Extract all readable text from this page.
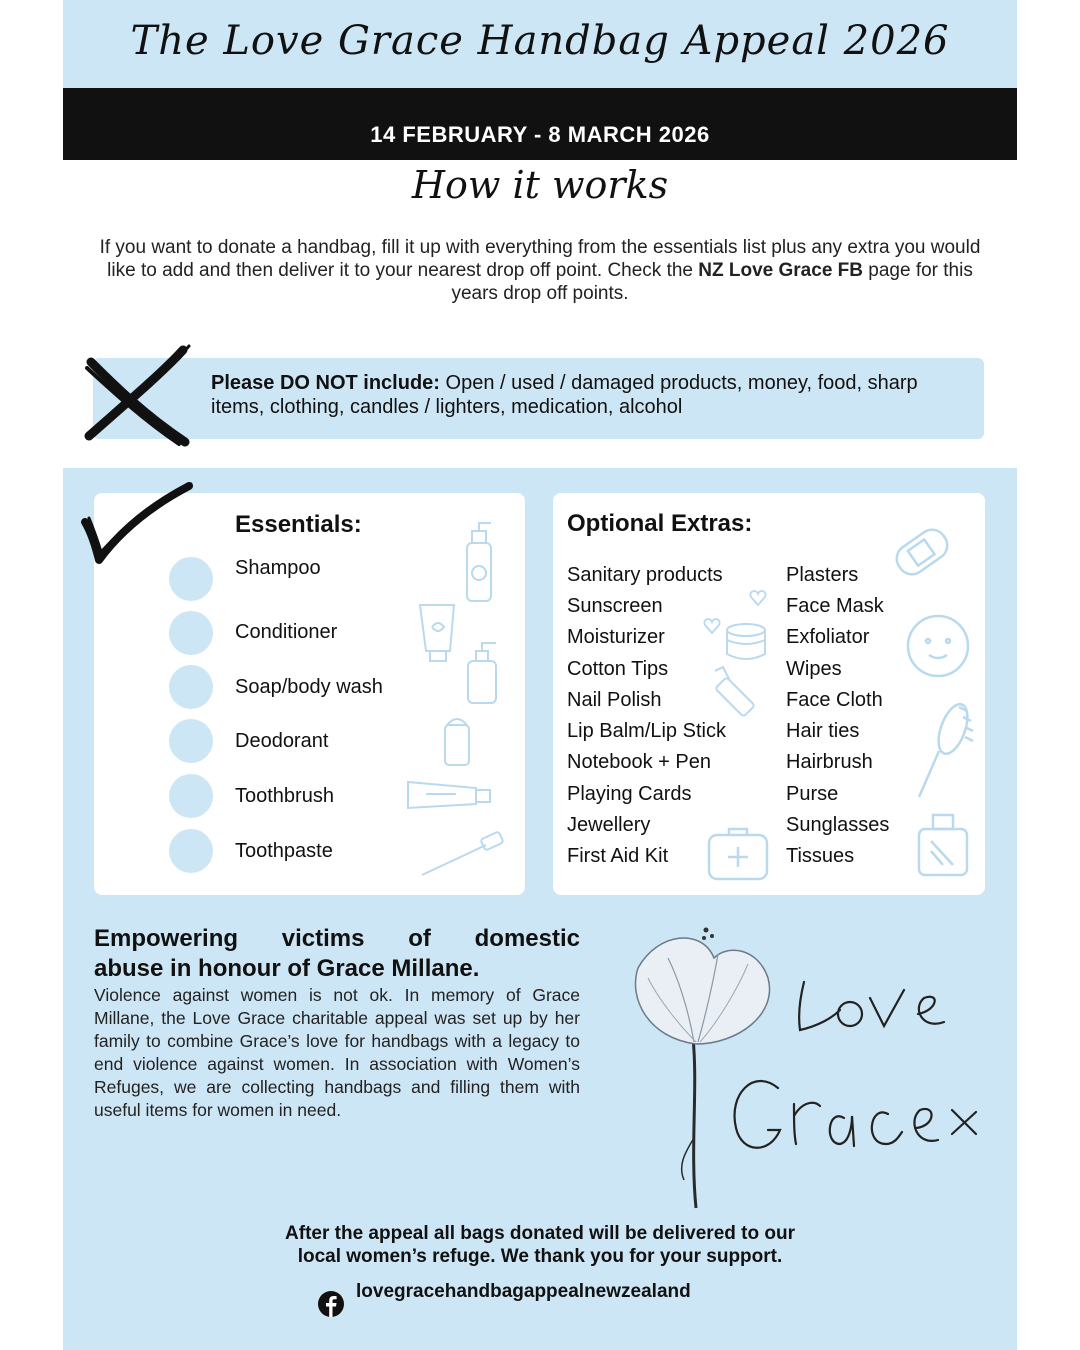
The Love Grace Handbag Appeal 2026
14 FEBRUARY - 8 MARCH 2026
How it works
If you want to donate a handbag, fill it up with everything from the essentials list plus any extra you would like to add and then deliver it to your nearest drop off point. Check the NZ Love Grace FB page for this years drop off points.
Please DO NOT include: Open / used / damaged products, money, food, sharp items, clothing, candles / lighters, medication, alcohol
Essentials:
Shampoo
Conditioner
Soap/body wash
Deodorant
Toothbrush
Toothpaste
Optional Extras:
Sanitary products
Sunscreen
Moisturizer
Cotton Tips
Nail Polish
Lip Balm/Lip Stick
Notebook + Pen
Playing Cards
Jewellery
First Aid Kit
Plasters
Face Mask
Exfoliator
Wipes
Face Cloth
Hair ties
Hairbrush
Purse
Sunglasses
Tissues
Empowering victims of domestic
abuse in honour of Grace Millane.
Violence against women is not ok. In memory of Grace Millane, the Love Grace charitable appeal was set up by her family to combine Grace’s love for handbags with a legacy to end violence against women. In association with Women’s Refuges, we are collecting handbags and filling them with useful items for women in need.
After the appeal all bags donated will be delivered to our
local women’s refuge. We thank you for your support.
lovegracehandbagappealnewzealand
